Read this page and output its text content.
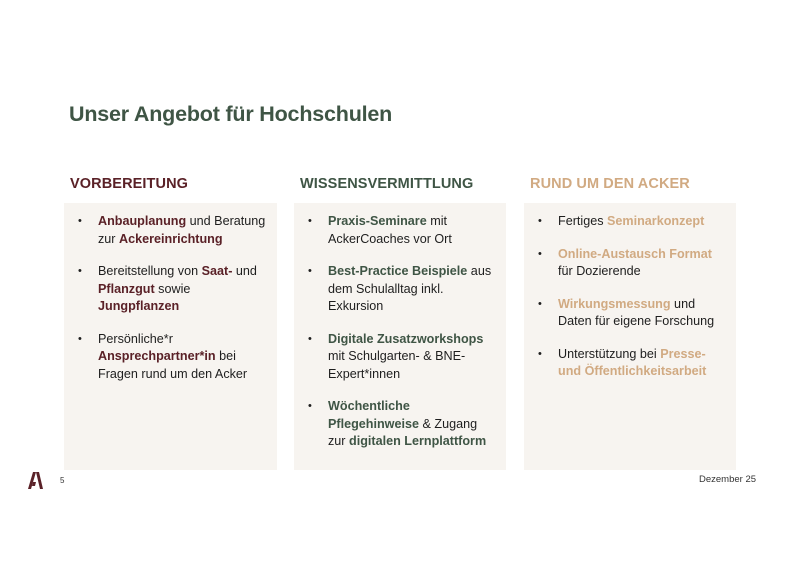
Unser Angebot für Hochschulen
VORBEREITUNG	WISSENSVERMITTLUNG	RUND UM DEN ACKER
• Anbauplanung und Beratung zur Ackereinrichtung
• Bereitstellung von Saat- und Pflanzgut sowie Jungpflanzen
• Persönliche*r Ansprechpartner*in bei Fragen rund um den Acker
• Praxis-Seminare mit AckerCoaches vor Ort
• Best-Practice Beispiele aus dem Schulalltag inkl. Exkursion
• Digitale Zusatzworkshops mit Schulgarten- & BNE-Expert*innen
• Wöchentliche Pflegehinweise & Zugang zur digitalen Lernplattform
• Fertiges Seminarkonzept
• Online-Austausch Format für Dozierende
• Wirkungsmessung und Daten für eigene Forschung
• Unterstützung bei Presse- und Öffentlichkeitsarbeit
5	Dezember 25
